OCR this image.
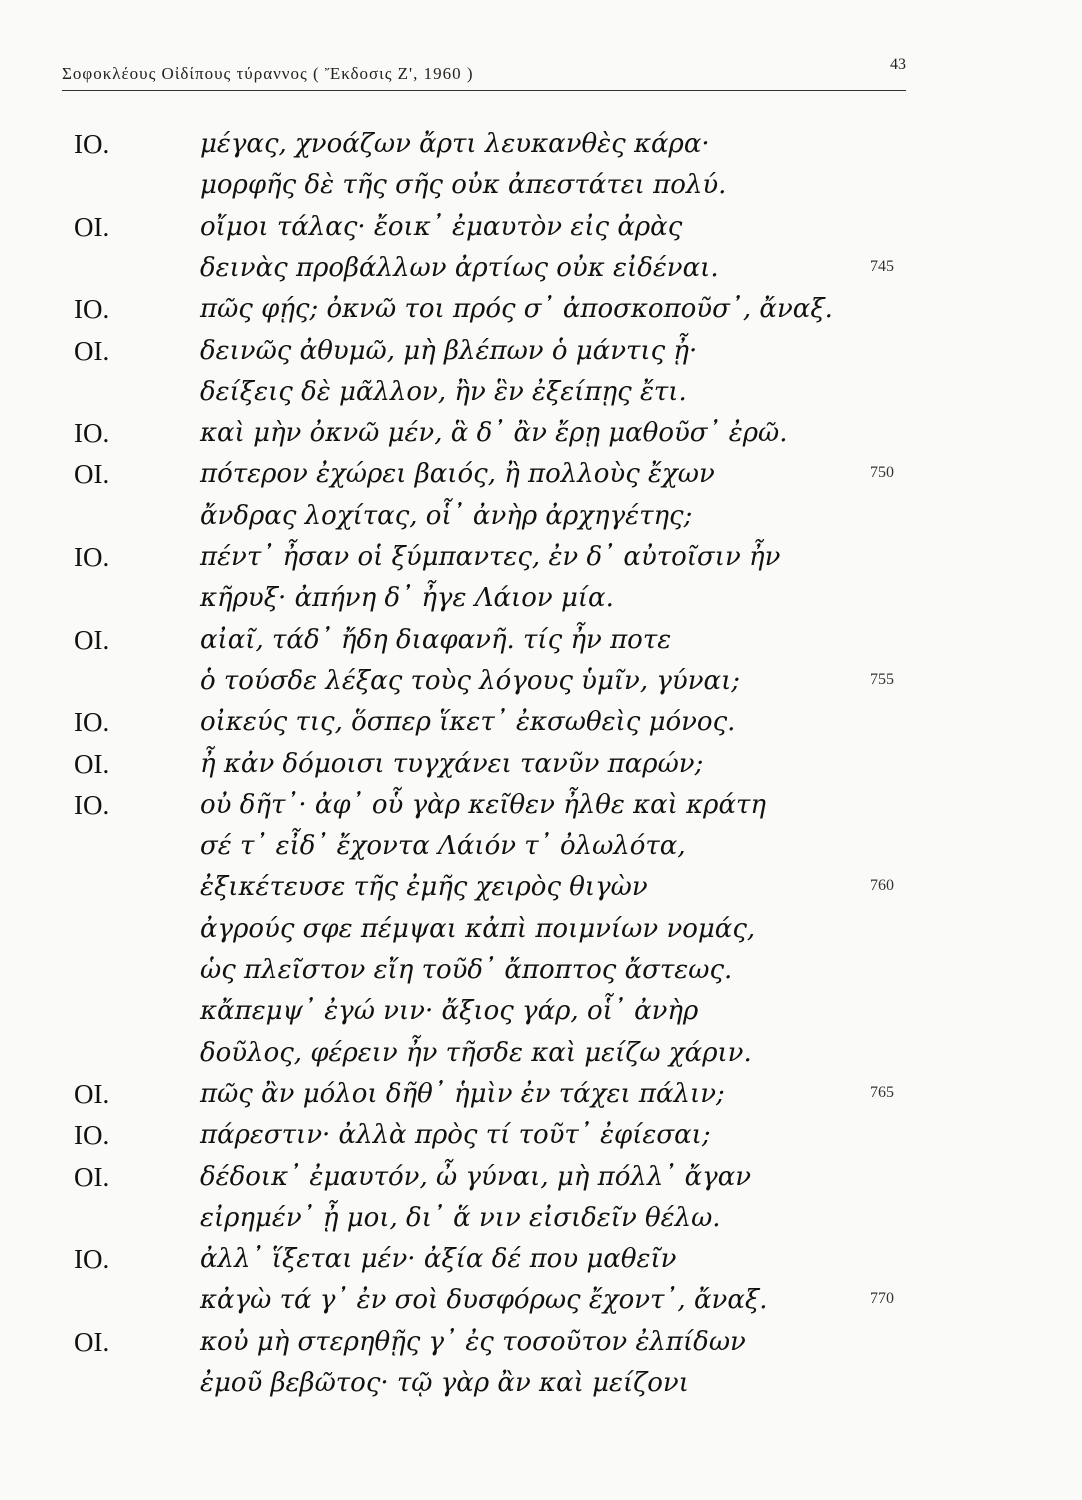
Σοφοκλέους Οἰδίπους τύραννος ( Ἔκδοσις Ζ', 1960 )	43
ΙΟ.	μέγας, χνοάζων ἄρτι λευκανθὲς κάρα·
μορφῆς δὲ τῆς σῆς οὐκ ἀπεστάτει πολύ.
ΟΙ.	οἴμοι τάλας· ἔοικ᾽ ἐμαυτὸν εἰς ἀρὰς
δεινὰς προβάλλων ἀρτίως οὐκ εἰδέναι.	745
ΙΟ.	πῶς φῄς; ὀκνῶ τοι πρός σ᾽ ἀποσκοποῦσ᾽, ἄναξ.
ΟΙ.	δεινῶς ἀθυμῶ, μὴ βλέπων ὁ μάντις ᾖ·
δείξεις δὲ μᾶλλον, ἢν ἓν ἐξείπῃς ἔτι.
ΙΟ.	καὶ μὴν ὀκνῶ μέν, ἃ δ᾽ ἂν ἔρῃ μαθοῦσ᾽ ἐρῶ.
ΟΙ.	πότερον ἐχώρει βαιός, ἢ πολλοὺς ἔχων	750
ἄνδρας λοχίτας, οἷ᾽ ἀνὴρ ἀρχηγέτης;
ΙΟ.	πέντ᾽ ἦσαν οἱ ξύμπαντες, ἐν δ᾽ αὐτοῖσιν ἦν
κῆρυξ· ἀπήνη δ᾽ ἦγε Λάιον μία.
ΟΙ.	αἰαῖ, τάδ᾽ ἤδη διαφανῆ. τίς ἦν ποτε
ὁ τούσδε λέξας τοὺς λόγους ὑμῖν, γύναι;	755
ΙΟ.	οἰκεύς τις, ὅσπερ ἵκετ᾽ ἐκσωθεὶς μόνος.
ΟΙ.	ἦ κἀν δόμοισι τυγχάνει τανῦν παρών;
ΙΟ.	οὐ δῆτ᾽· ἀφ᾽ οὗ γὰρ κεῖθεν ἦλθε καὶ κράτη
σέ τ᾽ εἶδ᾽ ἔχοντα Λάιόν τ᾽ ὀλωλότα,
ἐξικέτευσε τῆς ἐμῆς χειρὸς θιγὼν	760
ἀγρούς σφε πέμψαι κἀπὶ ποιμνίων νομάς,
ὡς πλεῖστον εἴη τοῦδ᾽ ἄποπτος ἄστεως.
κἄπεμψ᾽ ἐγώ νιν· ἄξιος γάρ, οἷ᾽ ἀνὴρ
δοῦλος, φέρειν ἦν τῆσδε καὶ μείζω χάριν.
ΟΙ.	πῶς ἂν μόλοι δῆθ᾽ ἡμὶν ἐν τάχει πάλιν;	765
ΙΟ.	πάρεστιν· ἀλλὰ πρὸς τί τοῦτ᾽ ἐφίεσαι;
ΟΙ.	δέδοικ᾽ ἐμαυτόν, ὦ γύναι, μὴ πόλλ᾽ ἄγαν
εἰρημέν᾽ ᾖ μοι, δι᾽ ἅ νιν εἰσιδεῖν θέλω.
ΙΟ.	ἀλλ᾽ ἵξεται μέν· ἀξία δέ που μαθεῖν
κἀγὼ τά γ᾽ ἐν σοὶ δυσφόρως ἔχοντ᾽, ἄναξ.	770
ΟΙ.	κοὐ μὴ στερηθῇς γ᾽ ἐς τοσοῦτον ἐλπίδων
ἐμοῦ βεβῶτος· τῷ γὰρ ἂν καὶ μείζονι
